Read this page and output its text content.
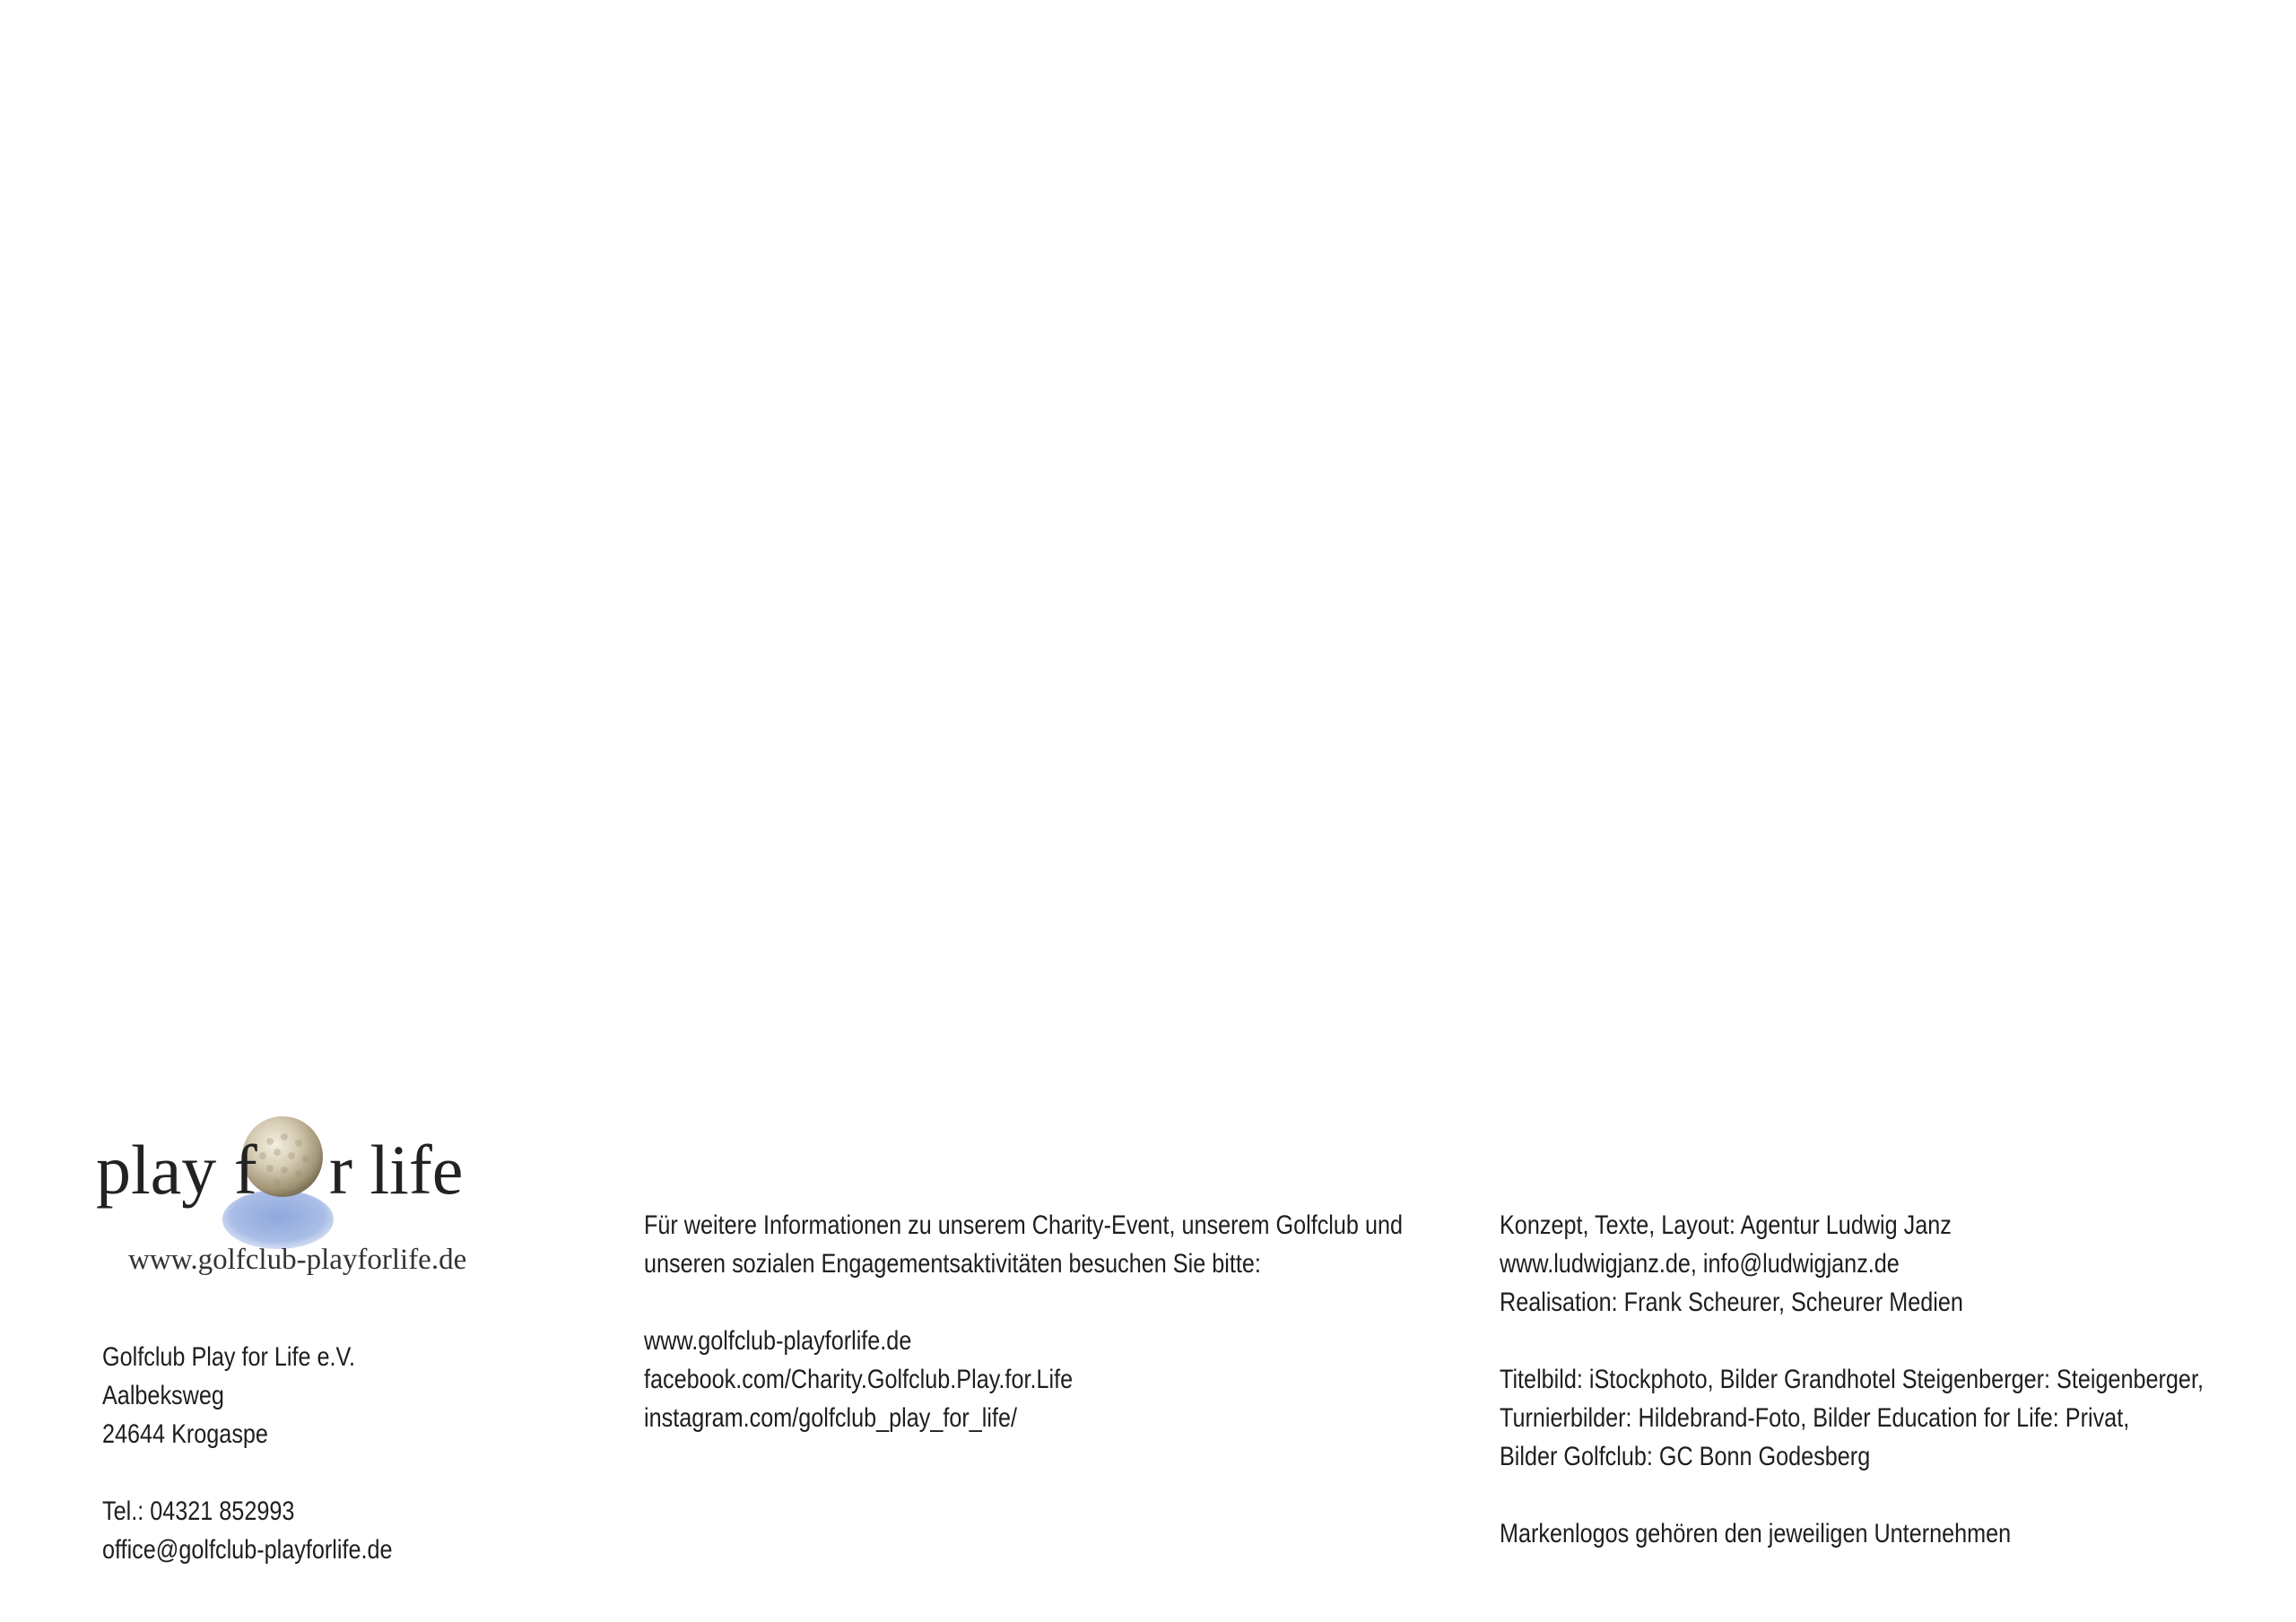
play f r life
www.golfclub-playforlife.de
Golfclub Play for Life e.V.
Aalbeksweg
24644 Krogaspe
Tel.: 04321 852993
office@golfclub-playforlife.de
Für weitere Informationen zu unserem Charity-Event, unserem Golfclub und
unseren sozialen Engagementsaktivitäten besuchen Sie bitte:
www.golfclub-playforlife.de
facebook.com/Charity.Golfclub.Play.for.Life
instagram.com/golfclub_play_for_life/
Konzept, Texte, Layout: Agentur Ludwig Janz
www.ludwigjanz.de, info@ludwigjanz.de
Realisation: Frank Scheurer, Scheurer Medien
Titelbild: iStockphoto, Bilder Grandhotel Steigenberger: Steigenberger,
Turnierbilder: Hildebrand-Foto, Bilder Education for Life: Privat,
Bilder Golfclub: GC Bonn Godesberg
Markenlogos gehören den jeweiligen Unternehmen
